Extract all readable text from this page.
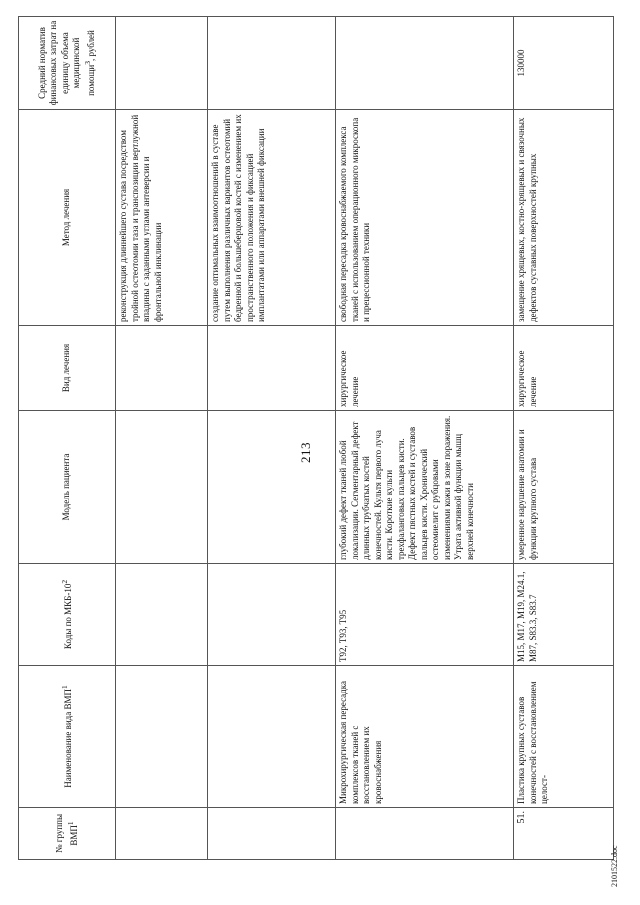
213
№ группы ВМП$^1$	Наименование вида ВМП$^1$	Коды по МКБ-$10^2$	Модель пациента	Вид лечения	Метод лечения	Средний норматив финансовых затрат на единицу объема медицинской помощи$^3$, рублей
					реконструкция длиннейшего сустава посредством тройной остеотомии таза и транспозиции вертлужной впадины с заданными углами антеверсии и фронтальной инклинации	
					создание оптимальных взаимоотношений в суставе путем выполнения различных вариантов остеотомий бедренной и большеберцовой костей с изменением их пространственного положения и фиксацией имплантатами или аппаратами внешней фиксации	
	Микрохирургическая пересадка комплексов тканей с восстановлением их кровоснабжения	T92, T93, T95	глубокий дефект тканей любой локализации. Сегментарный дефект длинных трубчатых костей конечностей. Культя первого луча кисти. Короткие культи трехфаланговых пальцев кисти. Дефект пястных костей и суставов пальцев кисти. Хронический остеомиелит с рубцовыми изменениями кожи в зоне поражения. Утрата активной функции мышц верхней конечности	хирургическое лечение	свободная пересадка кровоснабжаемого комплекса тканей с использованием операционного микроскопа и прецессионной техники	
51.	Пластика крупных суставов конечностей с восстановлением целост-	M15, M17, M19, M24.1, M87, S83.3, S83.7	умеренное нарушение анатомии и функции крупного сустава	хирургическое лечение	замещение хрящевых, костно-хрящевых и связочных дефектов суставных поверхностей крупных	130000
2101522.doc
